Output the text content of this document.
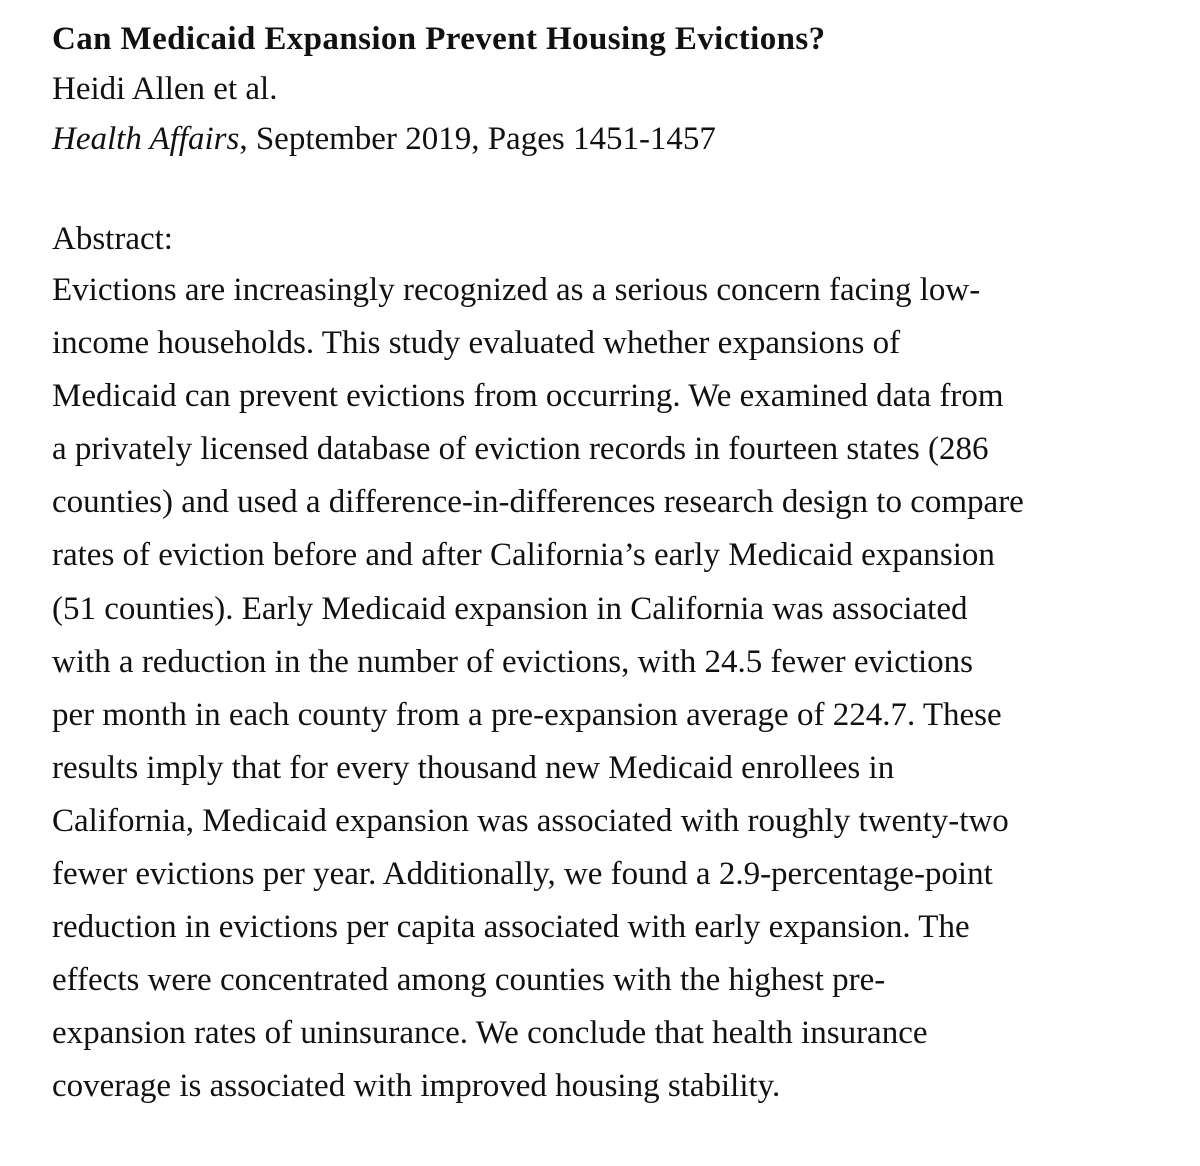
Can Medicaid Expansion Prevent Housing Evictions?
Heidi Allen et al.
Health Affairs, September 2019, Pages 1451-1457
Abstract:
Evictions are increasingly recognized as a serious concern facing low-
income households. This study evaluated whether expansions of
Medicaid can prevent evictions from occurring. We examined data from
a privately licensed database of eviction records in fourteen states (286
counties) and used a difference-in-differences research design to compare
rates of eviction before and after California’s early Medicaid expansion
(51 counties). Early Medicaid expansion in California was associated
with a reduction in the number of evictions, with 24.5 fewer evictions
per month in each county from a pre-expansion average of 224.7. These
results imply that for every thousand new Medicaid enrollees in
California, Medicaid expansion was associated with roughly twenty-two
fewer evictions per year. Additionally, we found a 2.9-percentage-point
reduction in evictions per capita associated with early expansion. The
effects were concentrated among counties with the highest pre-
expansion rates of uninsurance. We conclude that health insurance
coverage is associated with improved housing stability.
